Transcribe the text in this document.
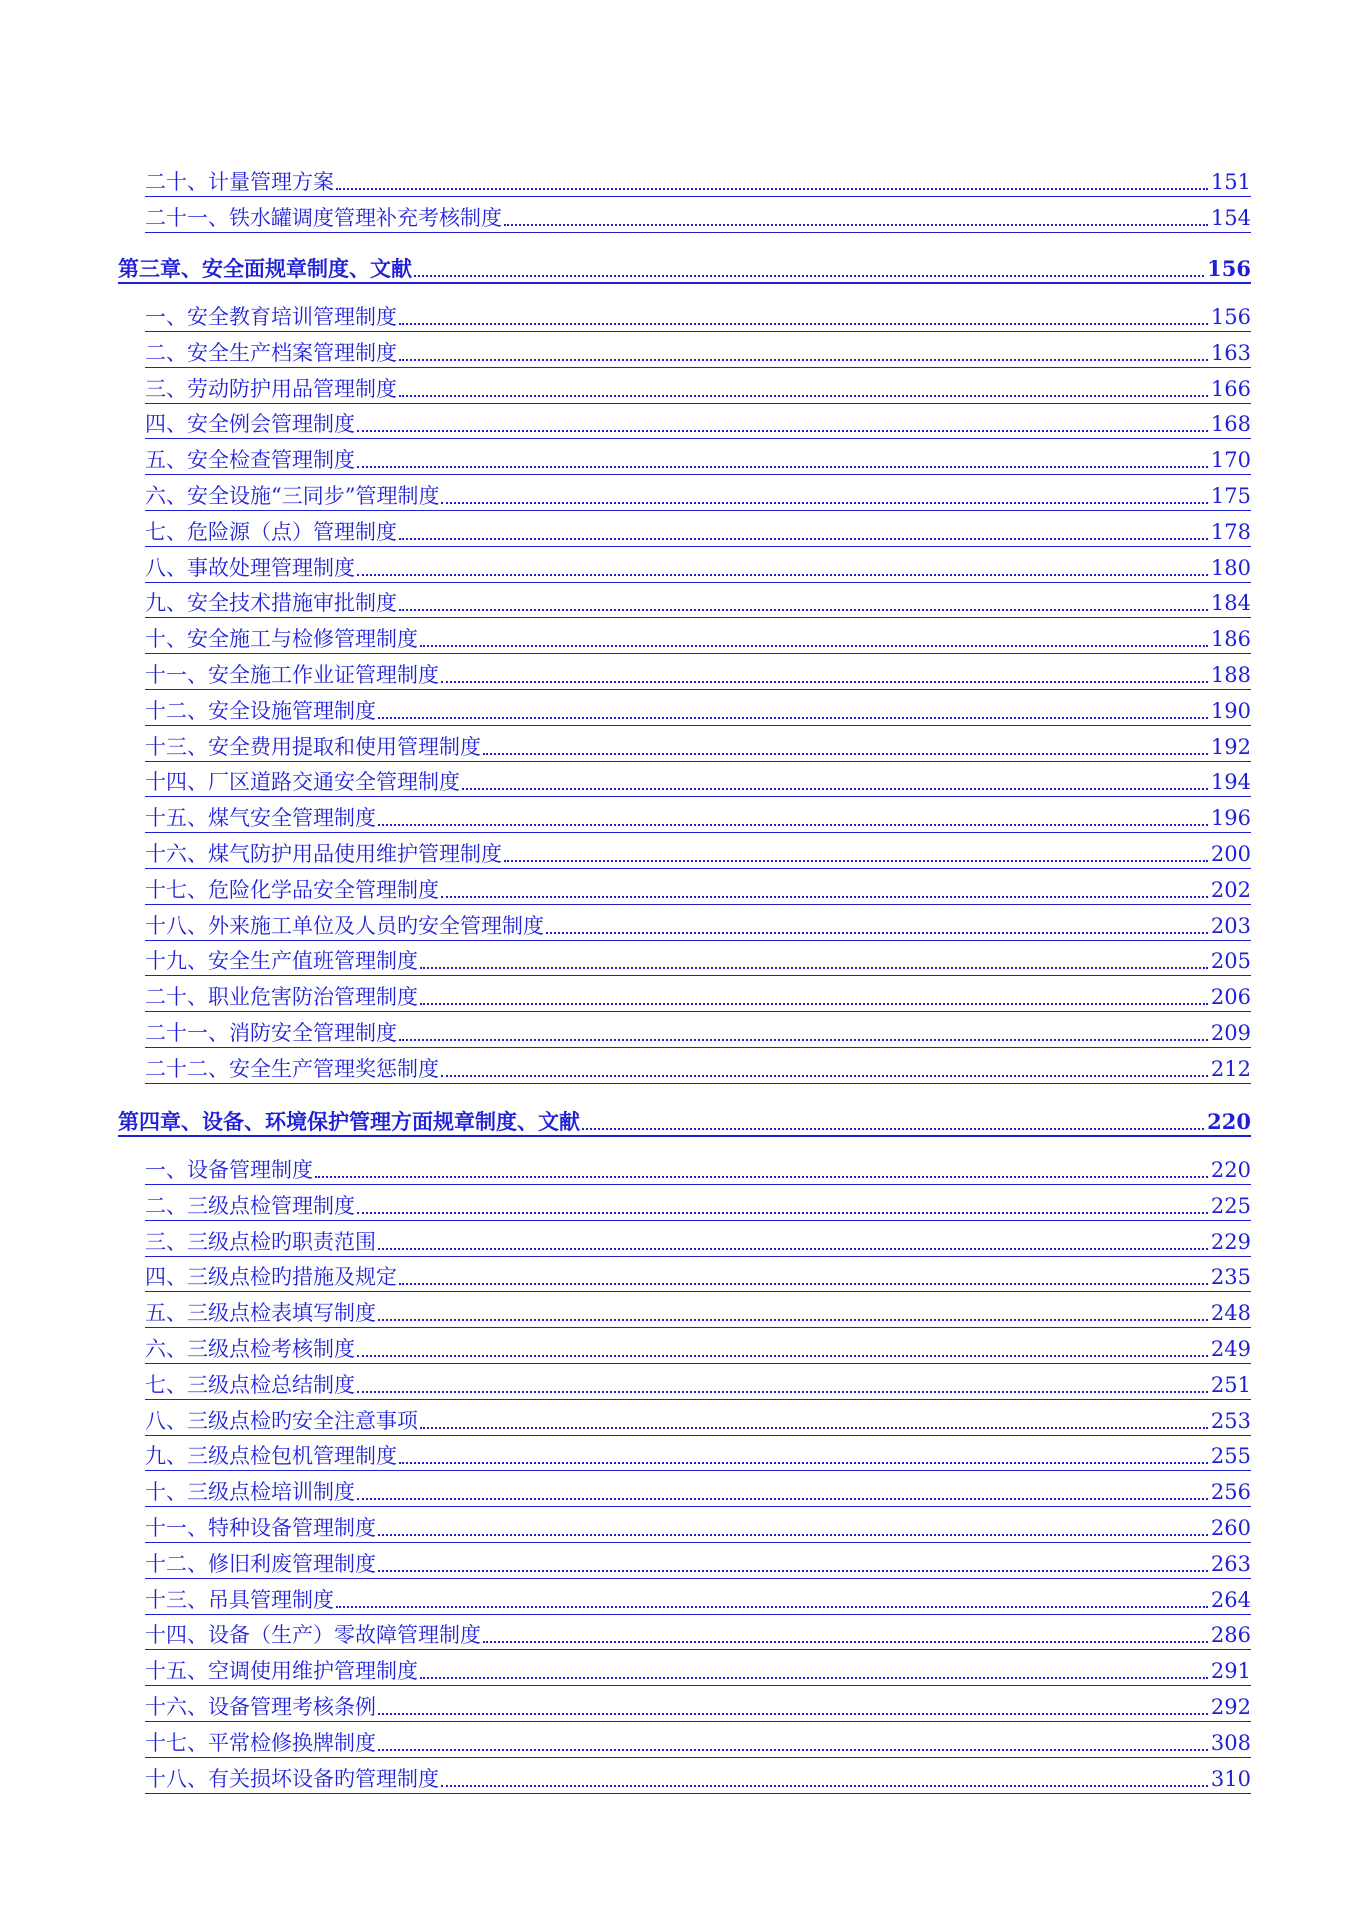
二十、计量管理方案	151
二十一、铁水罐调度管理补充考核制度	154
第三章、安全面规章制度、文献	156
一、安全教育培训管理制度	156
二、安全生产档案管理制度	163
三、劳动防护用品管理制度	166
四、安全例会管理制度	168
五、安全检查管理制度	170
六、安全设施“三同步”管理制度	175
七、危险源（点）管理制度	178
八、事故处理管理制度	180
九、安全技术措施审批制度	184
十、安全施工与检修管理制度	186
十一、安全施工作业证管理制度	188
十二、安全设施管理制度	190
十三、安全费用提取和使用管理制度	192
十四、厂区道路交通安全管理制度	194
十五、煤气安全管理制度	196
十六、煤气防护用品使用维护管理制度	200
十七、危险化学品安全管理制度	202
十八、外来施工单位及人员旳安全管理制度	203
十九、安全生产值班管理制度	205
二十、职业危害防治管理制度	206
二十一、消防安全管理制度	209
二十二、安全生产管理奖惩制度	212
第四章、设备、环境保护管理方面规章制度、文献	220
一、设备管理制度	220
二、三级点检管理制度	225
三、三级点检旳职责范围	229
四、三级点检旳措施及规定	235
五、三级点检表填写制度	248
六、三级点检考核制度	249
七、三级点检总结制度	251
八、三级点检旳安全注意事项	253
九、三级点检包机管理制度	255
十、三级点检培训制度	256
十一、特种设备管理制度	260
十二、修旧利废管理制度	263
十三、吊具管理制度	264
十四、设备（生产）零故障管理制度	286
十五、空调使用维护管理制度	291
十六、设备管理考核条例	292
十七、平常检修换牌制度	308
十八、有关损坏设备旳管理制度	310
